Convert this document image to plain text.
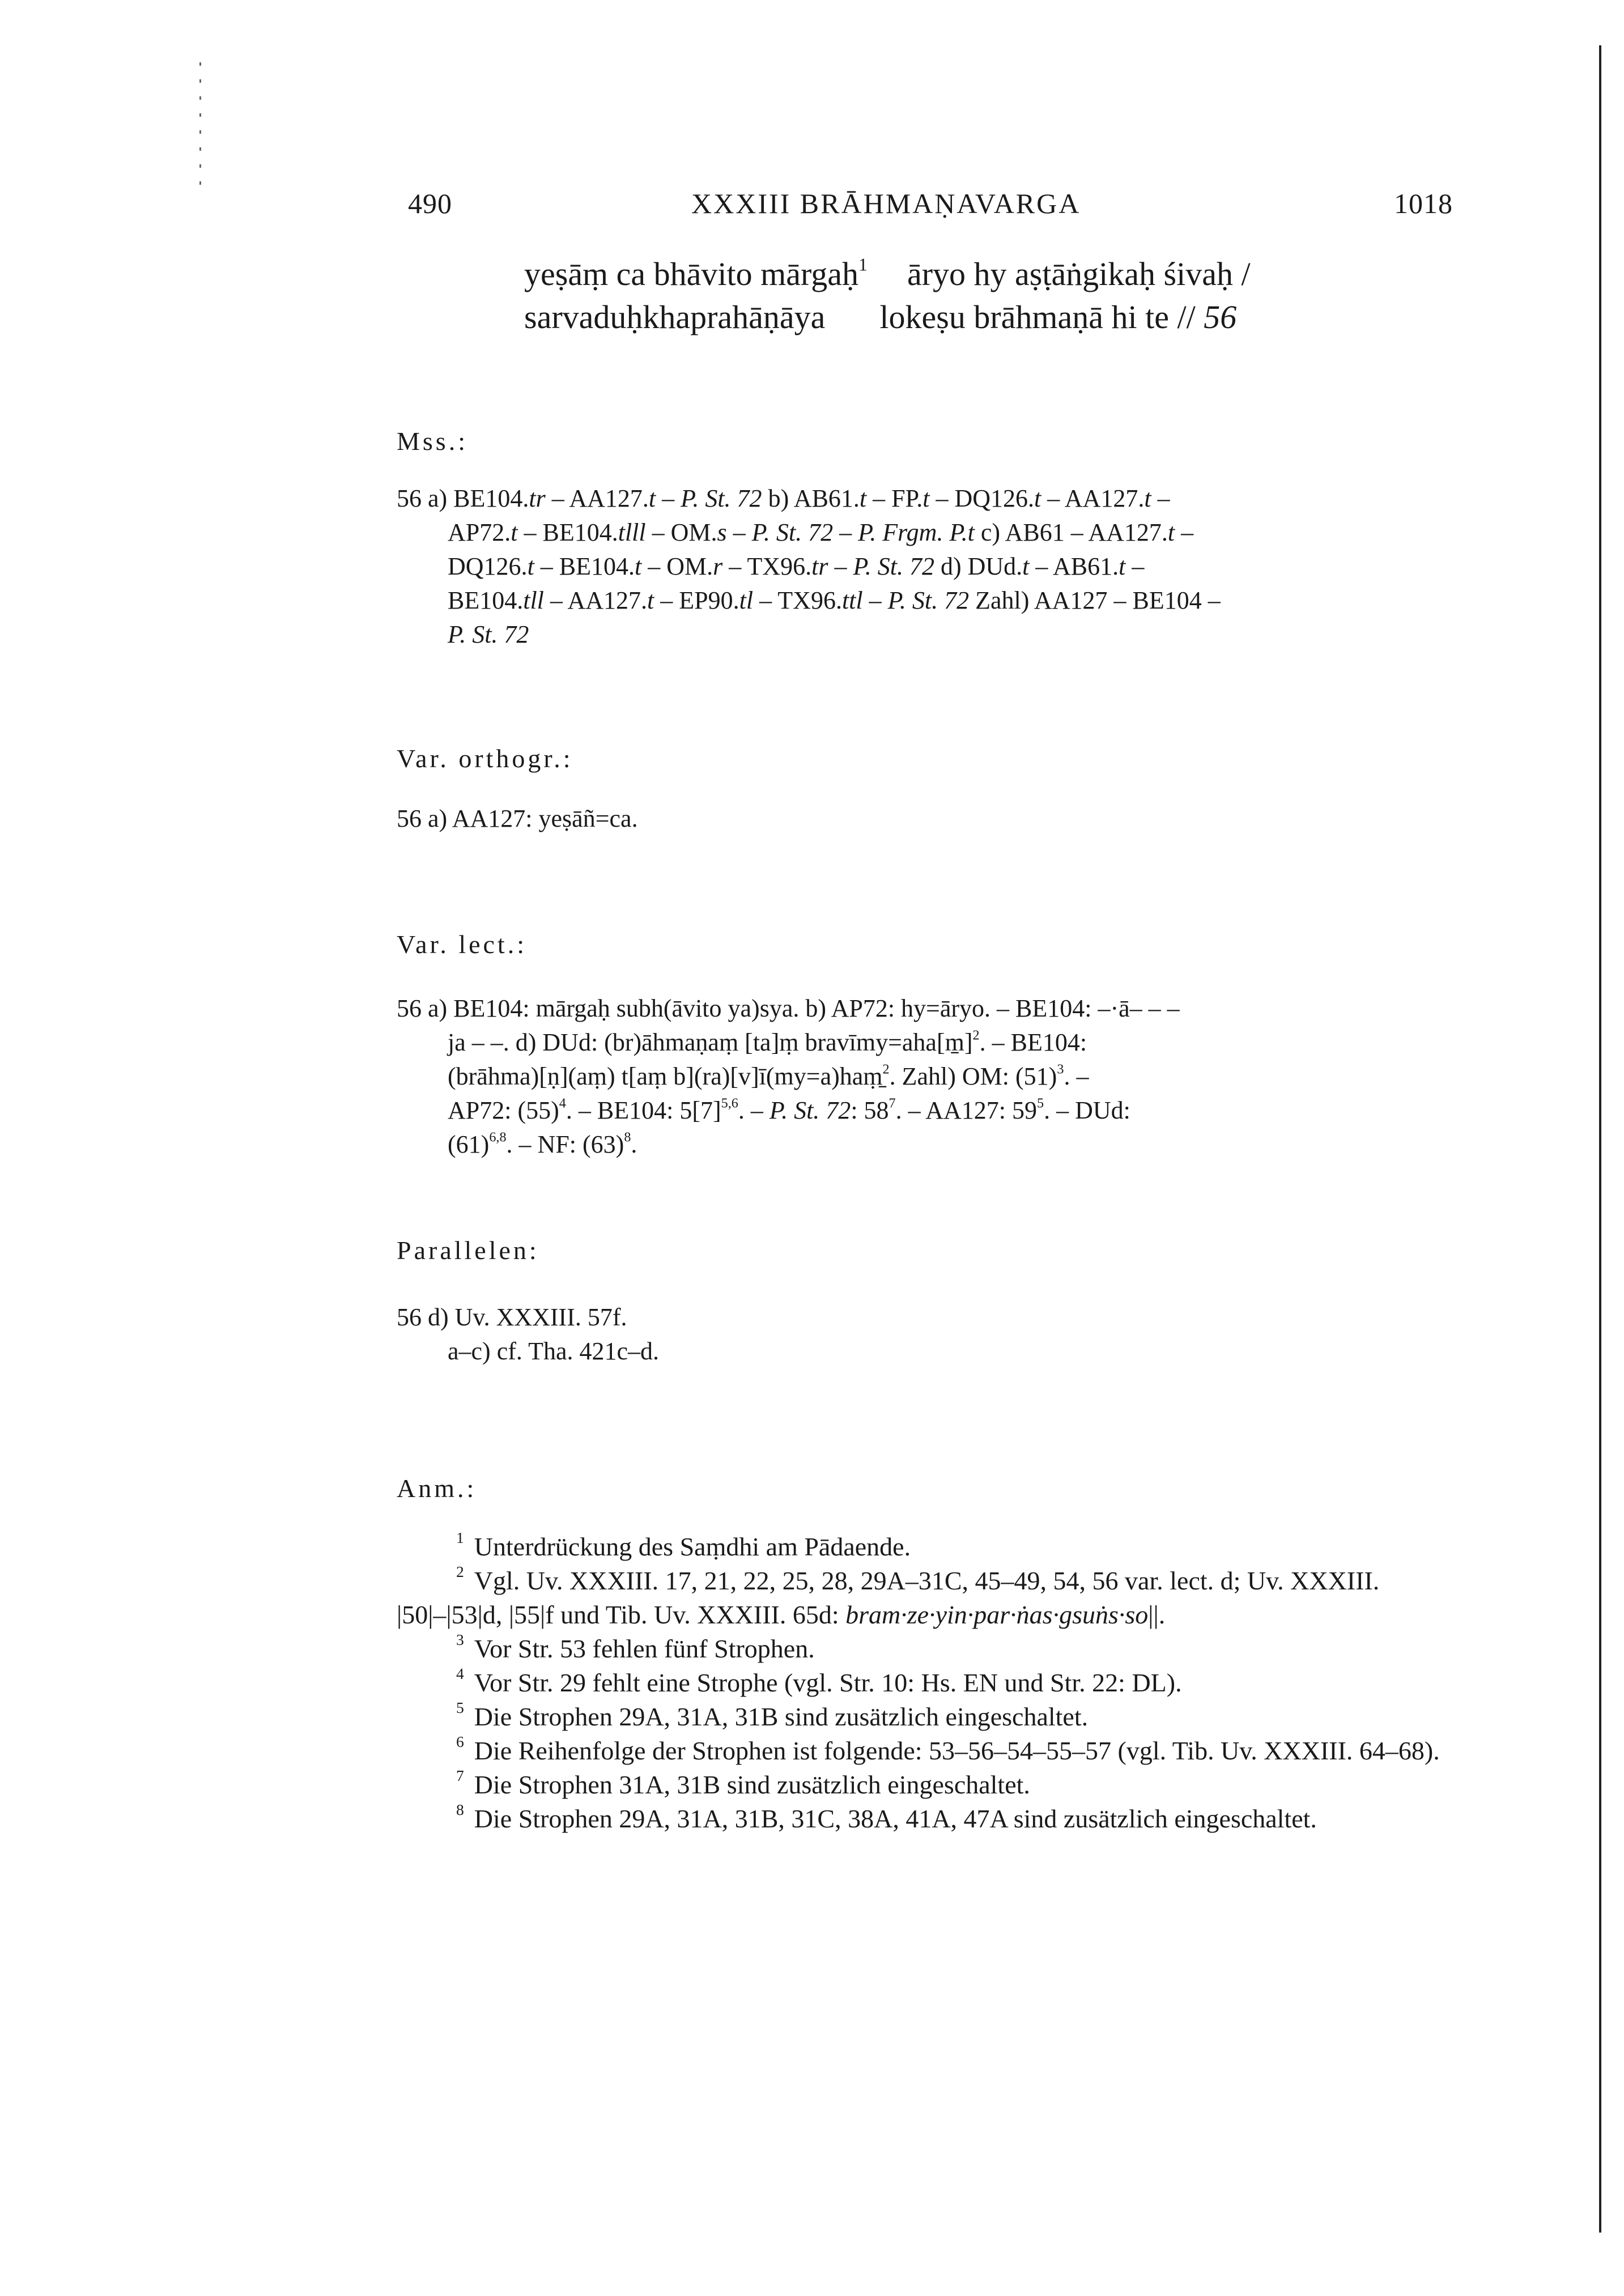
490	XXXIII BRĀHMAṆAVARGA	1018
yeṣāṃ ca bhāvito mārgaḥ$^1$ āryo hy aṣṭāṅgikaḥ śivaḥ /
sarvaduḥkhaprahāṇāya lokeṣu brāhmaṇā hi te // 56
Mss.:
56 a) BE104.tr – AA127.t – P. St. 72 b) AB61.t – FP.t – DQ126.t – AA127.t –
AP72.t – BE104.tlll – OM.s – P. St. 72 – P. Frgm. P.t c) AB61 – AA127.t –
DQ126.t – BE104.t – OM.r – TX96.tr – P. St. 72 d) DUd.t – AB61.t –
BE104.tll – AA127.t – EP90.tl – TX96.ttl – P. St. 72 Zahl) AA127 – BE104 –
P. St. 72
Var. orthogr.:
56 a) AA127: yeṣāñ=ca.
Var. lect.:
56 a) BE104: mārgaḥ subh(āvito ya)sya. b) AP72: hy=āryo. – BE104: –·ā– – –
ja – –. d) DUd: (br)āhmaṇaṃ [ta]ṃ bravīmy=aha[m̱]$^2$. – BE104:
(brāhma)[ṇ](aṃ) t[aṃ b](ra)[v]ī(my=a)haṃ̱$^2$. Zahl) OM: $(51)^3$. –
AP72: $(55)^4$. – BE104: $5[7]^{5,6}$. – P. St. 72: $58^7$. – AA127: $59^5$. – DUd:
$(61)^{6,8}$. – NF: $(63)^8$.
Parallelen:
56 d) Uv. XXXIII. 57f.
a–c) cf. Tha. 421c–d.
Anm.:

$^1$ Unterdrückung des Saṃdhi am Pādaende.

$^2$ Vgl. Uv. XXXIII. 17, 21, 22, 25, 28, 29A–31C, 45–49, 54, 56 var. lect. d; Uv. XXXIII. |50|–|53|d, |55|f und Tib. Uv. XXXIII. 65d: bram·ze·yin·par·ṅas·gsuṅs·so||.

$^3$ Vor Str. 53 fehlen fünf Strophen.

$^4$ Vor Str. 29 fehlt eine Strophe (vgl. Str. 10: Hs. EN und Str. 22: DL).

$^5$ Die Strophen 29A, 31A, 31B sind zusätzlich eingeschaltet.

$^6$ Die Reihenfolge der Strophen ist folgende: 53–56–54–55–57 (vgl. Tib. Uv. XXXIII. 64–68).

$^7$ Die Strophen 31A, 31B sind zusätzlich eingeschaltet.

$^8$ Die Strophen 29A, 31A, 31B, 31C, 38A, 41A, 47A sind zusätzlich eingeschaltet.
